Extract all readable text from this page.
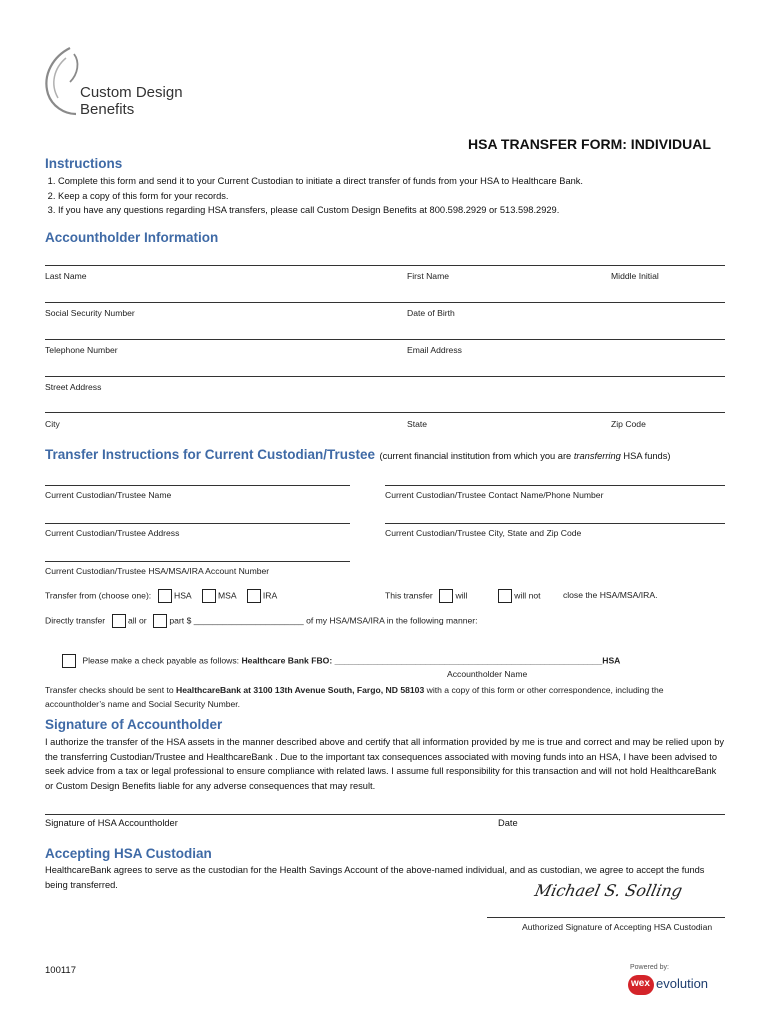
Custom Design Benefits
HSA TRANSFER FORM: INDIVIDUAL
Instructions
1. Complete this form and send it to your Current Custodian to initiate a direct transfer of funds from your HSA to Healthcare Bank.
2. Keep a copy of this form for your records.
3. If you have any questions regarding HSA transfers, please call Custom Design Benefits at 800.598.2929 or 513.598.2929.
Accountholder Information
Last Name	First Name	Middle Initial
Social Security Number	Date of Birth
Telephone Number	Email Address
Street Address
City	State	Zip Code
Transfer Instructions for Current Custodian/Trustee (current financial institution from which you are transferring HSA funds)
Current Custodian/Trustee Name	Current Custodian/Trustee Contact Name/Phone Number
Current Custodian/Trustee Address	Current Custodian/Trustee City, State and Zip Code
Current Custodian/Trustee HSA/MSA/IRA Account Number
Transfer from (choose one):	HSA	MSA	IRA	This transfer	will	will not	close the HSA/MSA/IRA.
Directly transfer	all or	part $ _______________________ of my HSA/MSA/IRA in the following manner:
Please make a check payable as follows: Healthcare Bank FBO: ________________________________________________________HSA
Accountholder Name
Transfer checks should be sent to HealthcareBank at 3100 13th Avenue South, Fargo, ND 58103 with a copy of this form or other correspondence, including the accountholder’s name and Social Security Number.
Signature of Accountholder
I authorize the transfer of the HSA assets in the manner described above and certify that all information provided by me is true and correct and may be relied upon by the transferring Custodian/Trustee and HealthcareBank . Due to the important tax consequences associated with moving funds into an HSA, I have been advised to seek advice from a tax or legal professional to ensure compliance with related laws. I assume full responsibility for this transaction and will not hold HealthcareBank or Custom Design Benefits liable for any adverse consequences that may result.
Signature of HSA Accountholder	Date
Accepting HSA Custodian
HealthcareBank agrees to serve as the custodian for the Health Savings Account of the above-named individual, and as custodian, we agree to accept the funds being transferred.	Michael S. Solling
Authorized Signature of Accepting HSA Custodian
100117	Powered by:
wex evolution
